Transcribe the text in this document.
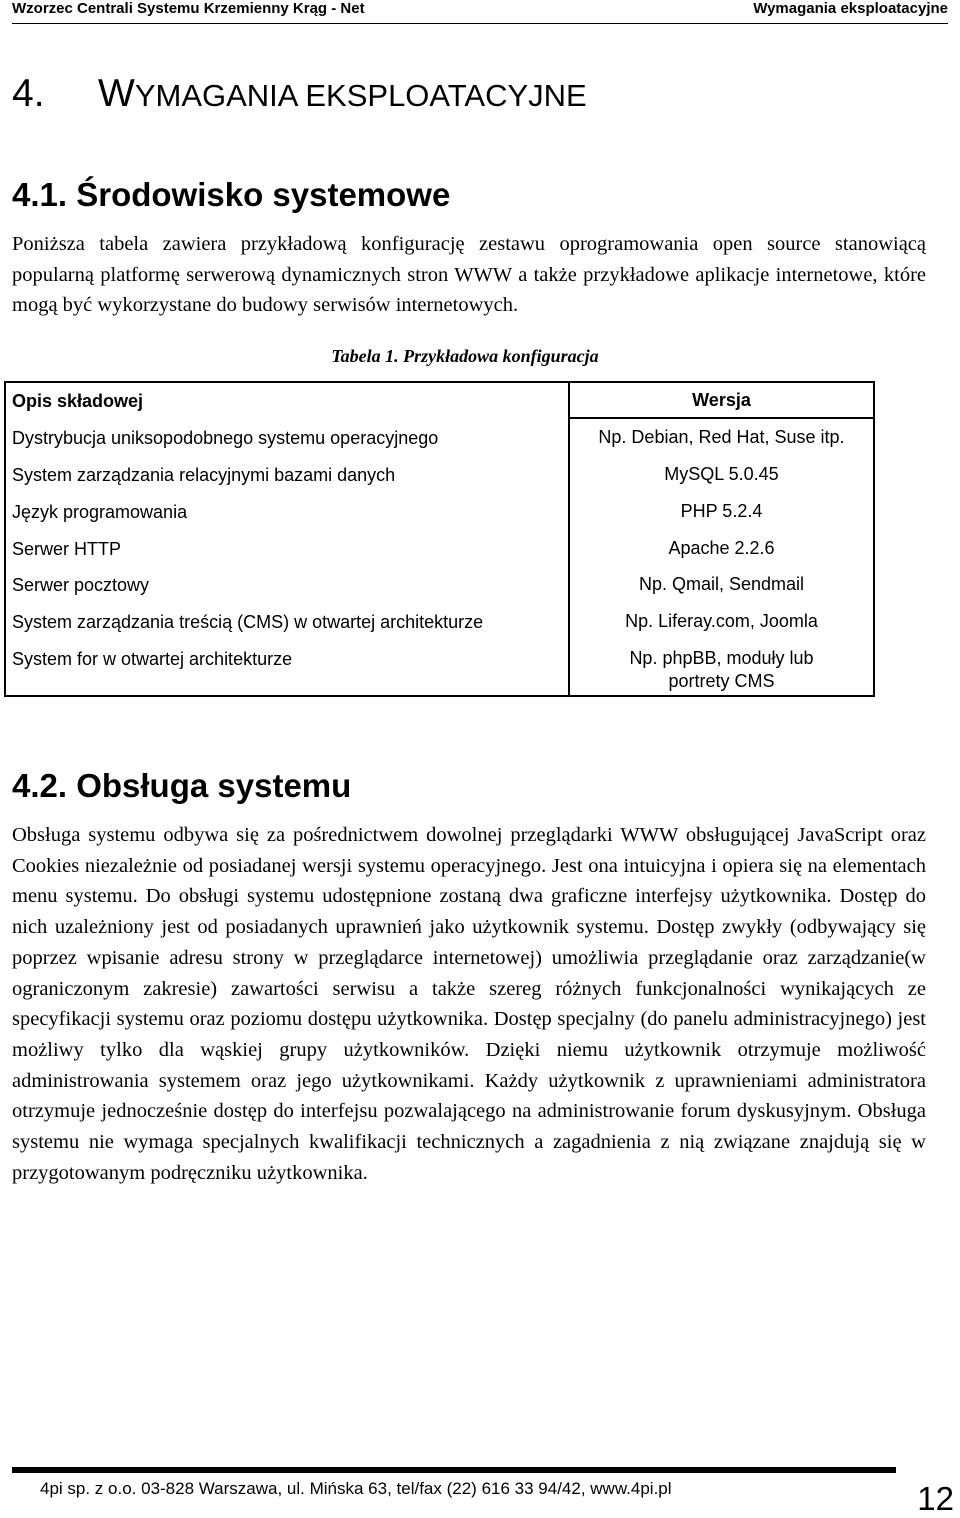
Wzorzec Centrali Systemu Krzemienny Krąg - Net	Wymagania eksploatacyjne
4. WYMAGANIA EKSPLOATACYJNE
4.1. Środowisko systemowe
Poniższa tabela zawiera przykładową konfigurację zestawu oprogramowania open source stanowiącą popularną platformę serwerową dynamicznych stron WWW a także przykładowe aplikacje internetowe, które mogą być wykorzystane do budowy serwisów internetowych.
Tabela 1. Przykładowa konfiguracja
Opis składowej	Wersja
Dystrybucja uniksopodobnego systemu operacyjnego	Np. Debian, Red Hat, Suse itp.
System zarządzania relacyjnymi bazami danych	MySQL 5.0.45
Język programowania	PHP 5.2.4
Serwer HTTP	Apache 2.2.6
Serwer pocztowy	Np. Qmail, Sendmail
System zarządzania treścią (CMS) w otwartej architekturze	Np. Liferay.com, Joomla
System for w otwartej architekturze	Np. phpBB, moduły lub portrety CMS
4.2. Obsługa systemu
Obsługa systemu odbywa się za pośrednictwem dowolnej przeglądarki WWW obsługującej JavaScript oraz Cookies niezależnie od posiadanej wersji systemu operacyjnego. Jest ona intuicyjna i opiera się na elementach menu systemu. Do obsługi systemu udostępnione zostaną dwa graficzne interfejsy użytkownika. Dostęp do nich uzależniony jest od posiadanych uprawnień jako użytkownik systemu. Dostęp zwykły (odbywający się poprzez wpisanie adresu strony w przeglądarce internetowej) umożliwia przeglądanie oraz zarządzanie(w ograniczonym zakresie) zawartości serwisu a także szereg różnych funkcjonalności wynikających ze specyfikacji systemu oraz poziomu dostępu użytkownika. Dostęp specjalny (do panelu administracyjnego) jest możliwy tylko dla wąskiej grupy użytkowników. Dzięki niemu użytkownik otrzymuje możliwość administrowania systemem oraz jego użytkownikami. Każdy użytkownik z uprawnieniami administratora otrzymuje jednocześnie dostęp do interfejsu pozwalającego na administrowanie forum dyskusyjnym. Obsługa systemu nie wymaga specjalnych kwalifikacji technicznych a zagadnienia z nią związane znajdują się w przygotowanym podręczniku użytkownika.
4pi sp. z o.o. 03-828 Warszawa, ul. Mińska 63, tel/fax (22) 616 33 94/42, www.4pi.pl	12
